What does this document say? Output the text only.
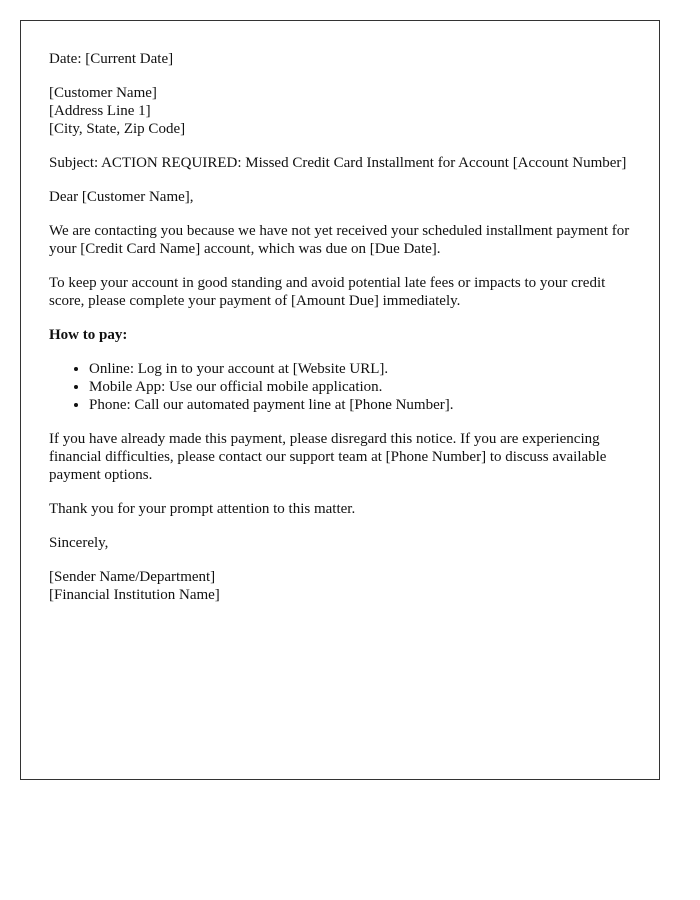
Date: [Current Date]

[Customer Name]
[Address Line 1]
[City, State, Zip Code]

Subject: ACTION REQUIRED: Missed Credit Card Installment for Account [Account Number]

Dear [Customer Name],

We are contacting you because we have not yet received your scheduled installment payment for your [Credit Card Name] account, which was due on [Due Date].

To keep your account in good standing and avoid potential late fees or impacts to your credit score, please complete your payment of [Amount Due] immediately.

How to pay:

• Online: Log in to your account at [Website URL].
• Mobile App: Use our official mobile application.
• Phone: Call our automated payment line at [Phone Number].

If you have already made this payment, please disregard this notice. If you are experiencing financial difficulties, please contact our support team at [Phone Number] to discuss available payment options.

Thank you for your prompt attention to this matter.

Sincerely,

[Sender Name/Department]
[Financial Institution Name]
